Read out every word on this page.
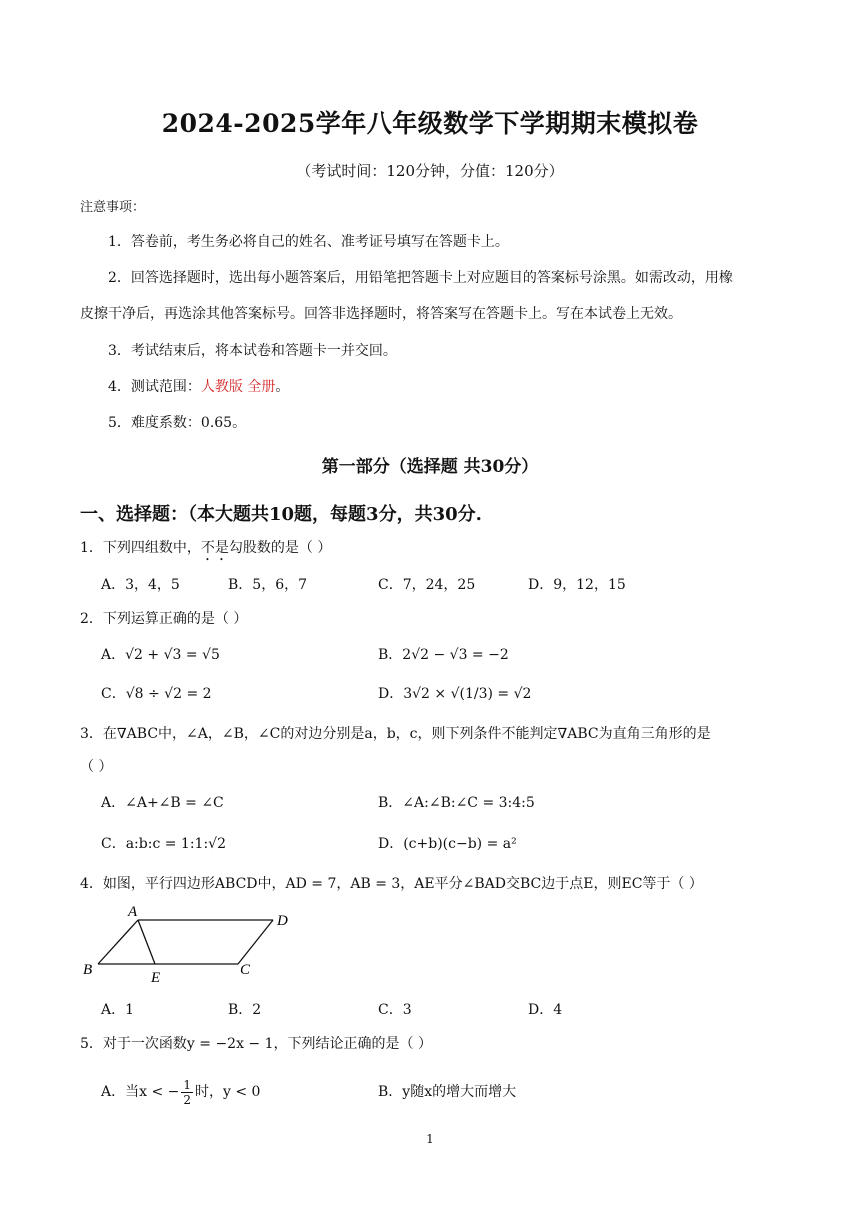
2024-2025学年八年级数学下学期期末模拟卷
（考试时间：120分钟，分值：120分）
注意事项：
1．答卷前，考生务必将自己的姓名、准考证号填写在答题卡上。
2．回答选择题时，选出每小题答案后，用铅笔把答题卡上对应题目的答案标号涂黑。如需改动，用橡
皮擦干净后，再选涂其他答案标号。回答非选择题时，将答案写在答题卡上。写在本试卷上无效。
3．考试结束后，将本试卷和答题卡一并交回。
4．测试范围：人教版 全册。
5．难度系数：0.65。
第一部分（选择题 共30分）
一、选择题：（本大题共10题，每题3分，共30分.
1．下列四组数中，不是勾股数的是（ ）
A．3，4，5	B．5，6，7	C．7，24，25	D．9，12，15
2．下列运算正确的是（ ）
A．√2 + √3 = √5	B．2√2 − √3 = −2
C．√8 ÷ √2 = 2	D．3√2 × √(1/3) = √2
3．在∇ABC中，∠A，∠B，∠C的对边分别是a，b，c，则下列条件不能判定∇ABC为直角三角形的是
（ ）
A．∠A+∠B = ∠C	B．∠A:∠B:∠C = 3:4:5
C．a:b:c = 1:1:√2	D．(c+b)(c−b) = a²
4．如图，平行四边形ABCD中，AD = 7，AB = 3，AE平分∠BAD交BC边于点E，则EC等于（ ）
A
D
B	E	C
A．1	B．2	C．3	D．4
5．对于一次函数y = −2x − 1，下列结论正确的是（ ）
A．当x < − $\frac{1}{2}$ 时，y < 0	B．y随x的增大而增大
1
